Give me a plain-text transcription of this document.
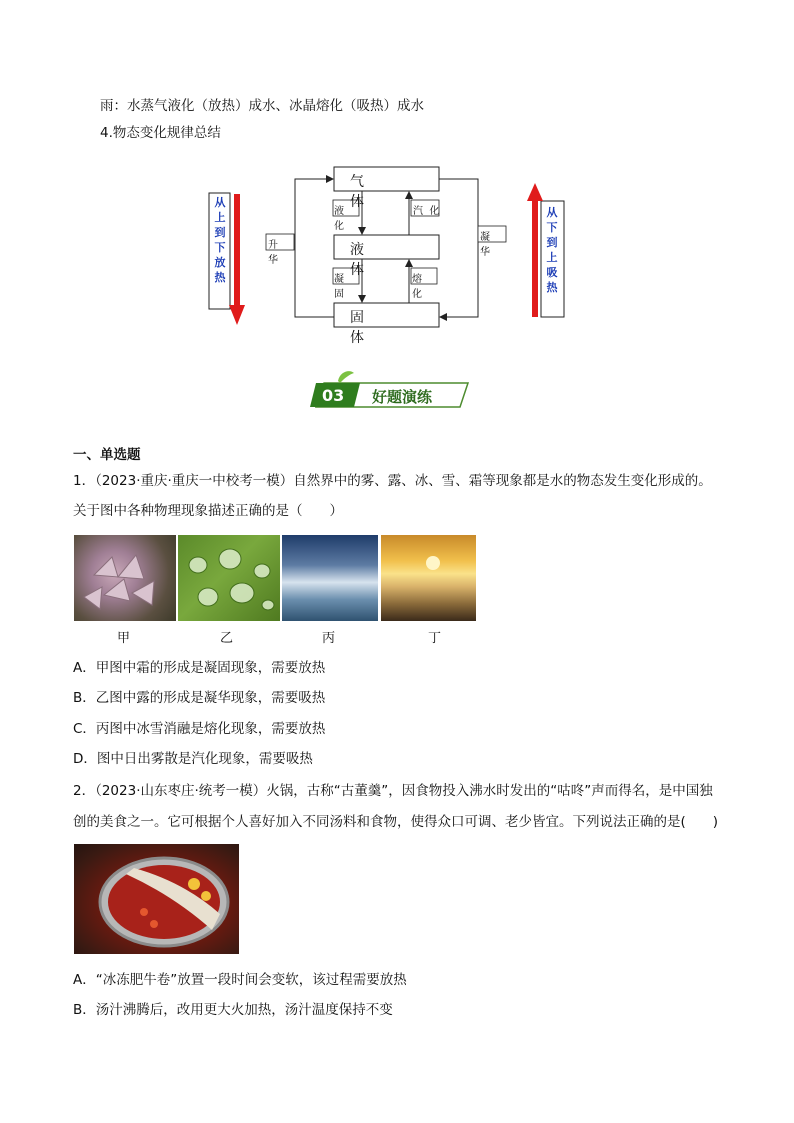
雨：水蒸气液化（放热）成水、冰晶熔化（吸热）成水
4.物态变化规律总结
气 体
液 体
固 体
液化
汽  化
凝固
熔化
升华
凝华
从
上
到
下
放
热
从
下
到
上
吸
热
03 好题演练
一、单选题
1．（2023·重庆·重庆一中校考一模）自然界中的雾、露、冰、雪、霜等现象都是水的物态发生变化形成的。
关于图中各种物理现象描述正确的是（　　）
甲	乙	丙	丁
A．甲图中霜的形成是凝固现象，需要放热
B．乙图中露的形成是凝华现象，需要吸热
C．丙图中冰雪消融是熔化现象，需要放热
D．图中日出雾散是汽化现象，需要吸热
2．（2023·山东枣庄·统考一模）火锅，古称“古董羹”，因食物投入沸水时发出的“咕咚”声而得名，是中国独
创的美食之一。它可根据个人喜好加入不同汤料和食物，使得众口可调、老少皆宜。下列说法正确的是(　　)
A．“冰冻肥牛卷”放置一段时间会变软，该过程需要放热
B．汤汁沸腾后，改用更大火加热，汤汁温度保持不变
